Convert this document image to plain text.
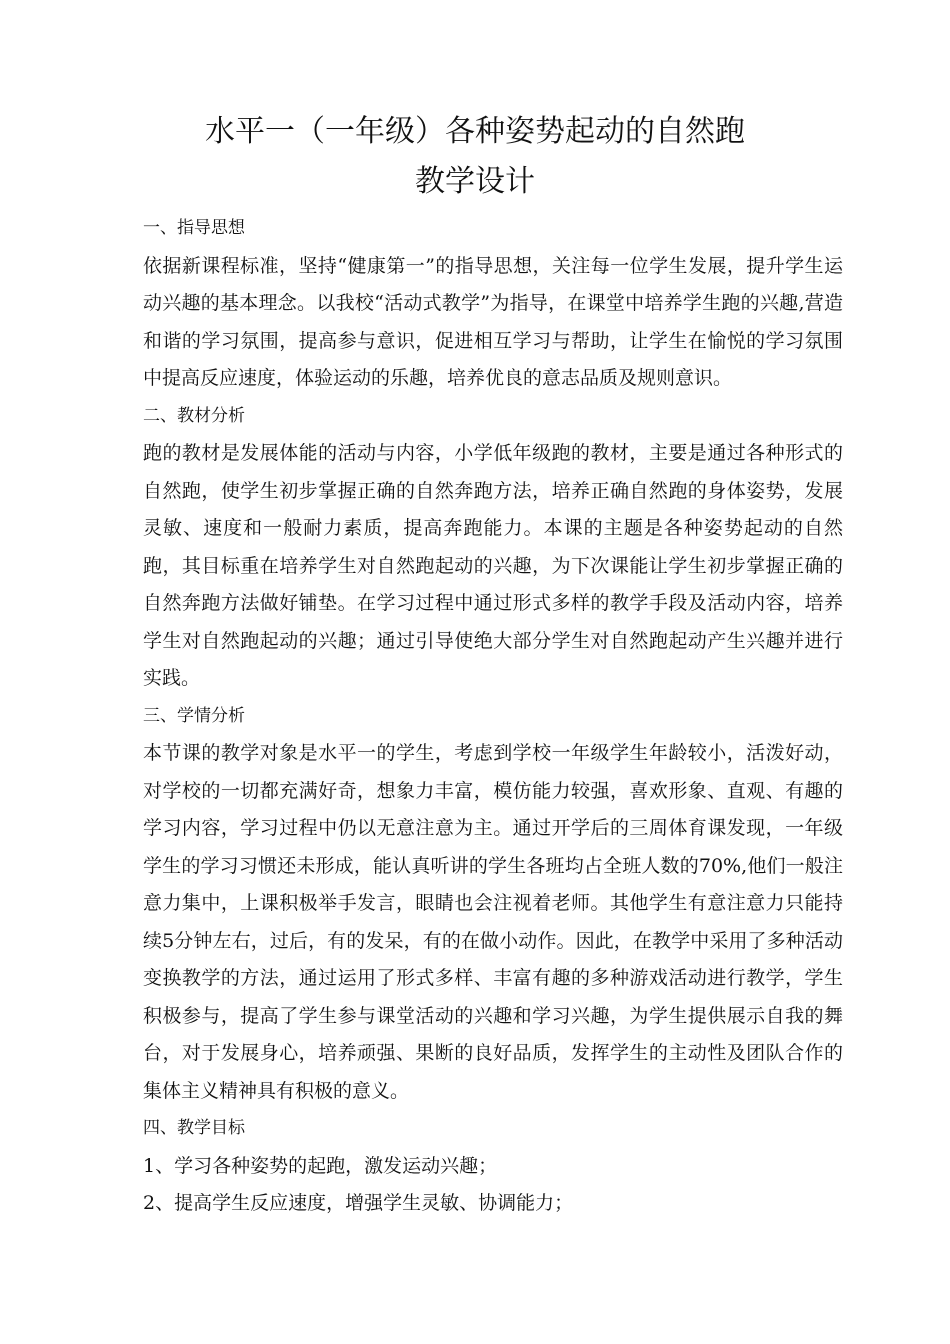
水平一（一年级）各种姿势起动的自然跑
教学设计
一、指导思想

依据新课程标准，坚持“健康第一”的指导思想，关注每一位学生发展，提升学生运动兴趣的基本理念。以我校“活动式教学”为指导，在课堂中培养学生跑的兴趣,营造和谐的学习氛围，提高参与意识，促进相互学习与帮助，让学生在愉悦的学习氛围中提高反应速度，体验运动的乐趣，培养优良的意志品质及规则意识。

二、教材分析

跑的教材是发展体能的活动与内容，小学低年级跑的教材，主要是通过各种形式的自然跑，使学生初步掌握正确的自然奔跑方法，培养正确自然跑的身体姿势，发展灵敏、速度和一般耐力素质，提高奔跑能力。本课的主题是各种姿势起动的自然跑，其目标重在培养学生对自然跑起动的兴趣，为下次课能让学生初步掌握正确的自然奔跑方法做好铺垫。在学习过程中通过形式多样的教学手段及活动内容，培养学生对自然跑起动的兴趣；通过引导使绝大部分学生对自然跑起动产生兴趣并进行实践。

三、学情分析

本节课的教学对象是水平一的学生，考虑到学校一年级学生年龄较小，活泼好动，对学校的一切都充满好奇，想象力丰富，模仿能力较强，喜欢形象、直观、有趣的学习内容，学习过程中仍以无意注意为主。通过开学后的三周体育课发现，一年级学生的学习习惯还未形成，能认真听讲的学生各班均占全班人数的70%,他们一般注意力集中，上课积极举手发言，眼睛也会注视着老师。其他学生有意注意力只能持续5分钟左右，过后，有的发呆，有的在做小动作。因此，在教学中采用了多种活动变换教学的方法，通过运用了形式多样、丰富有趣的多种游戏活动进行教学，学生积极参与，提高了学生参与课堂活动的兴趣和学习兴趣，为学生提供展示自我的舞台，对于发展身心，培养顽强、果断的良好品质，发挥学生的主动性及团队合作的集体主义精神具有积极的意义。

四、教学目标
1、学习各种姿势的起跑，激发运动兴趣；
2、提高学生反应速度，增强学生灵敏、协调能力；
